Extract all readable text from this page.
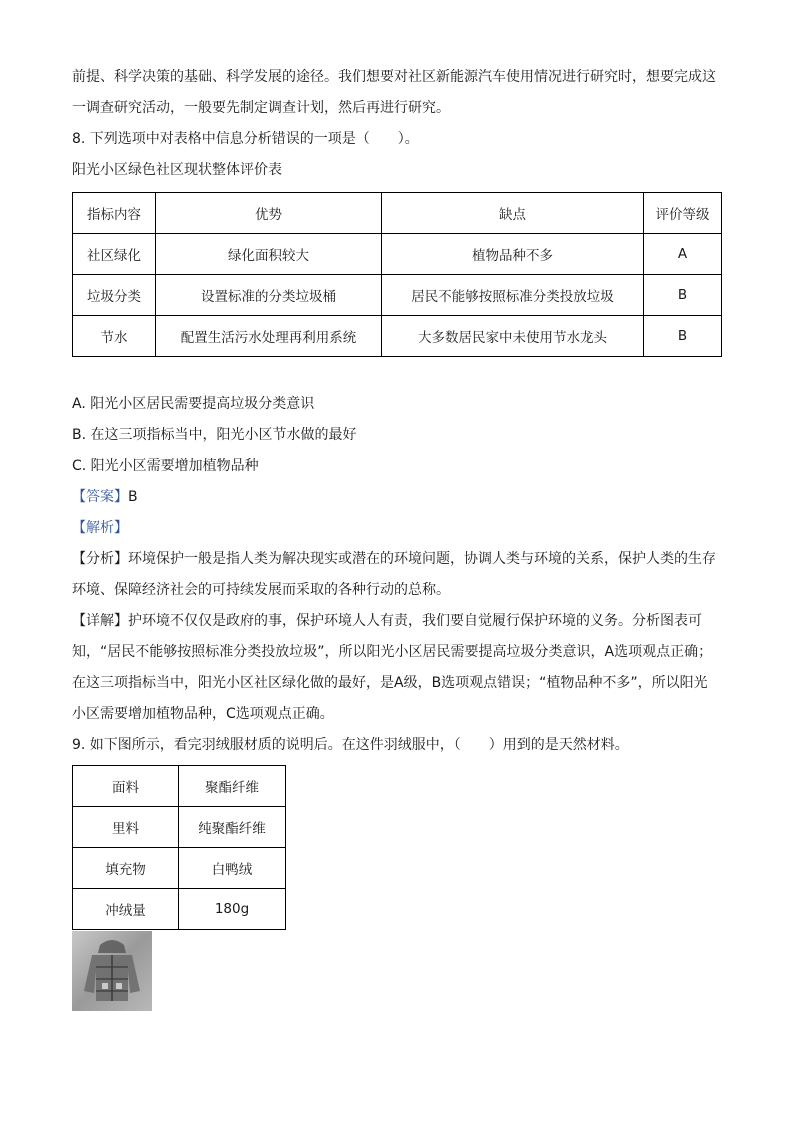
前提、科学决策的基础、科学发展的途径。我们想要对社区新能源汽车使用情况进行研究时，想要完成这

一调查研究活动，一般要先制定调查计划，然后再进行研究。

8. 下列选项中对表格中信息分析错误的一项是（　　）。

阳光小区绿色社区现状整体评价表

指标内容	优势	缺点	评价等级
社区绿化	绿化面积较大	植物品种不多	A
垃圾分类	设置标准的分类垃圾桶	居民不能够按照标准分类投放垃圾	B
节水	配置生活污水处理再利用系统	大多数居民家中未使用节水龙头	B

A. 阳光小区居民需要提高垃圾分类意识

B. 在这三项指标当中，阳光小区节水做的最好

C. 阳光小区需要增加植物品种

【答案】B

【解析】

【分析】环境保护一般是指人类为解决现实或潜在的环境问题，协调人类与环境的关系，保护人类的生存

环境、保障经济社会的可持续发展而采取的各种行动的总称。

【详解】护环境不仅仅是政府的事，保护环境人人有责，我们要自觉履行保护环境的义务。分析图表可

知，“居民不能够按照标准分类投放垃圾”，所以阳光小区居民需要提高垃圾分类意识，A选项观点正确；

在这三项指标当中，阳光小区社区绿化做的最好，是A级，B选项观点错误；“植物品种不多”，所以阳光

小区需要增加植物品种，C选项观点正确。

9. 如下图所示，看完羽绒服材质的说明后。在这件羽绒服中，（　　）用到的是天然材料。

面料	聚酯纤维
里料	纯聚酯纤维
填充物	白鸭绒
冲绒量	180g
